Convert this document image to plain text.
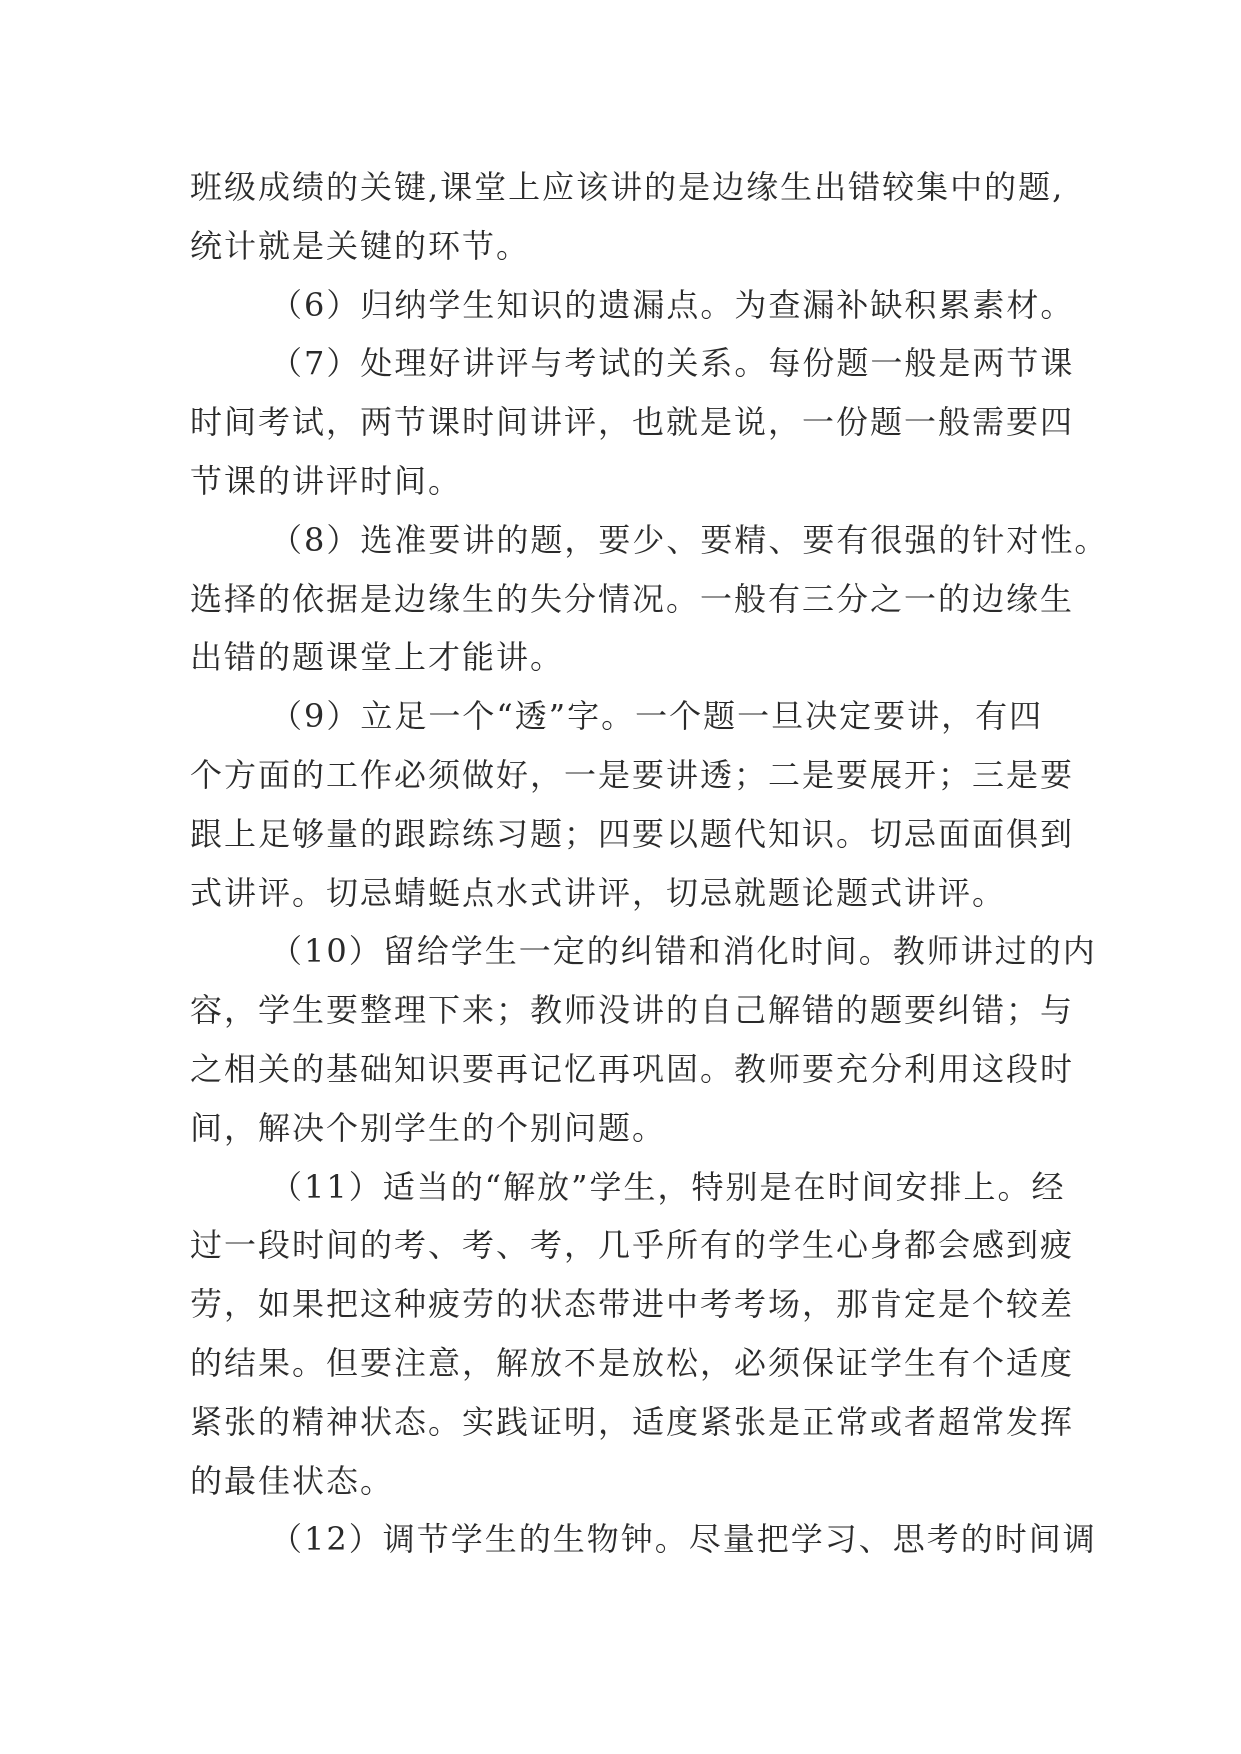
班级成绩的关键,课堂上应该讲的是边缘生出错较集中的题,
统计就是关键的环节。
（6）归纳学生知识的遗漏点。为查漏补缺积累素材。
（7）处理好讲评与考试的关系。每份题一般是两节课
时间考试，两节课时间讲评，也就是说，一份题一般需要四
节课的讲评时间。
（8）选准要讲的题，要少、要精、要有很强的针对性。
选择的依据是边缘生的失分情况。一般有三分之一的边缘生
出错的题课堂上才能讲。
（9）立足一个“透”字。一个题一旦决定要讲，有四
个方面的工作必须做好，一是要讲透；二是要展开；三是要
跟上足够量的跟踪练习题；四要以题代知识。切忌面面俱到
式讲评。切忌蜻蜓点水式讲评，切忌就题论题式讲评。
（10）留给学生一定的纠错和消化时间。教师讲过的内
容，学生要整理下来；教师没讲的自己解错的题要纠错；与
之相关的基础知识要再记忆再巩固。教师要充分利用这段时
间，解决个别学生的个别问题。
（11）适当的“解放”学生，特别是在时间安排上。经
过一段时间的考、考、考，几乎所有的学生心身都会感到疲
劳，如果把这种疲劳的状态带进中考考场，那肯定是个较差
的结果。但要注意，解放不是放松，必须保证学生有个适度
紧张的精神状态。实践证明，适度紧张是正常或者超常发挥
的最佳状态。
（12）调节学生的生物钟。尽量把学习、思考的时间调
